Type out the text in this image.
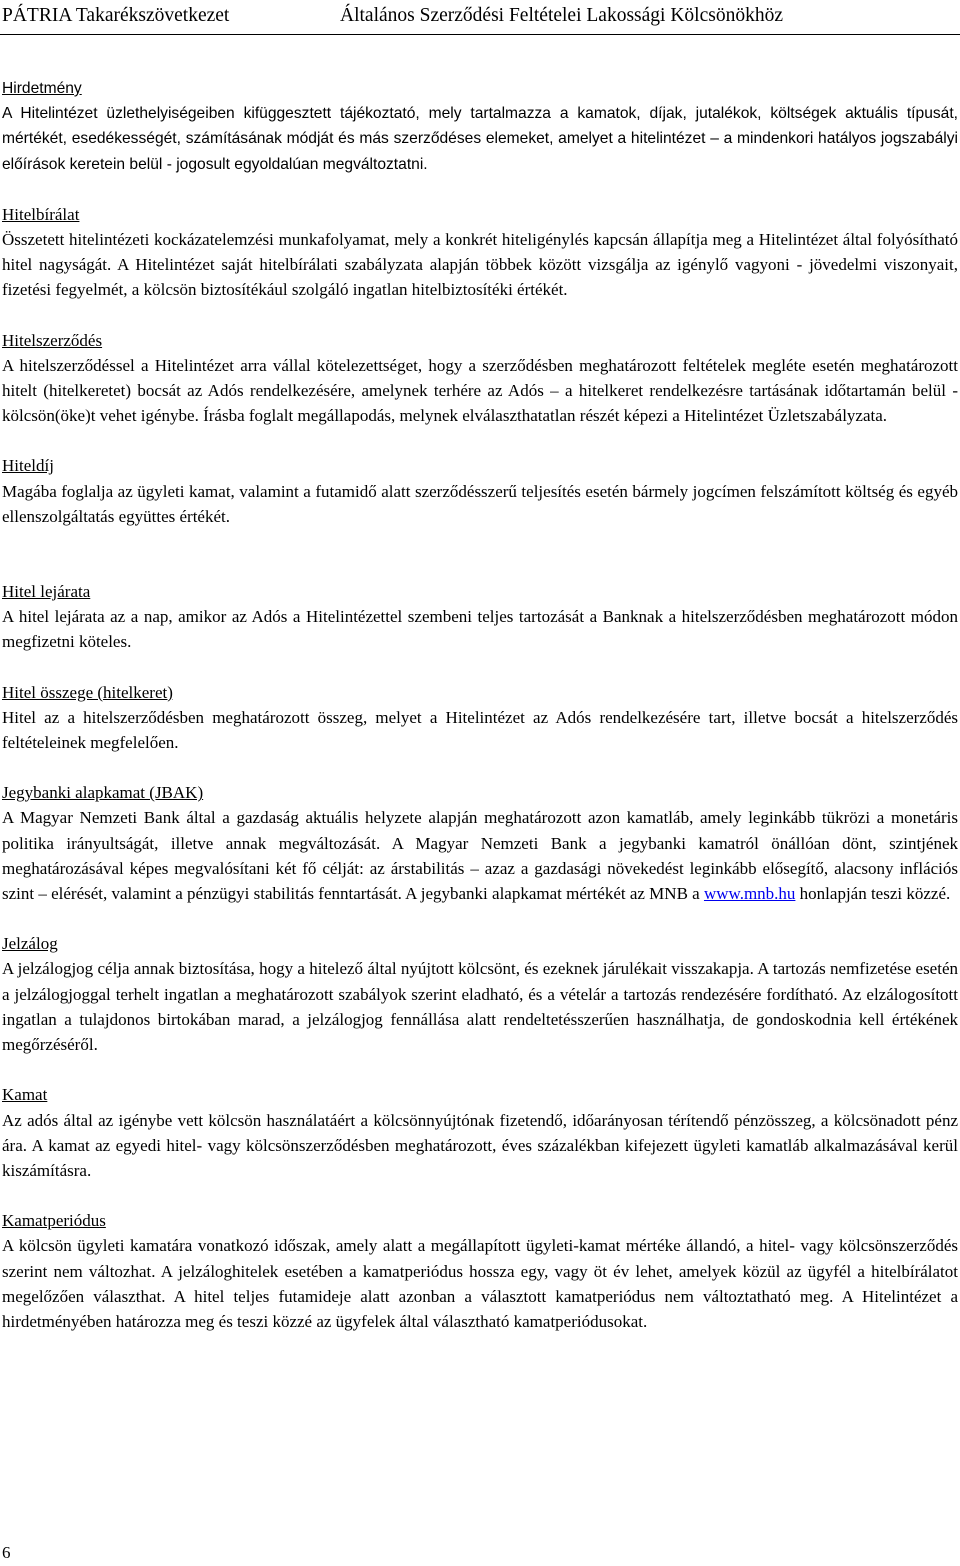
PÁTRIA Takarékszövetkezet	Általános Szerződési Feltételei Lakossági Kölcsönökhöz
Hirdetmény

A Hitelintézet üzlethelyiségeiben kifüggesztett tájékoztató, mely tartalmazza a kamatok, díjak, jutalékok, költségek aktuális típusát, mértékét, esedékességét, számításának módját és más szerződéses elemeket, amelyet a hitelintézet – a mindenkori hatályos jogszabályi előírások keretein belül - jogosult egyoldalúan megváltoztatni.

Hitelbírálat

Összetett hitelintézeti kockázatelemzési munkafolyamat, mely a konkrét hiteligénylés kapcsán állapítja meg a Hitelintézet által folyósítható hitel nagyságát. A Hitelintézet saját hitelbírálati szabályzata alapján többek között vizsgálja az igénylő vagyoni - jövedelmi viszonyait, fizetési fegyelmét, a kölcsön biztosítékául szolgáló ingatlan hitelbiztosítéki értékét.

Hitelszerződés

A hitelszerződéssel a Hitelintézet arra vállal kötelezettséget, hogy a szerződésben meghatározott feltételek megléte esetén meghatározott hitelt (hitelkeretet) bocsát az Adós rendelkezésére, amelynek terhére az Adós – a hitelkeret rendelkezésre tartásának időtartamán belül - kölcsön(öke)t vehet igénybe. Írásba foglalt megállapodás, melynek elválaszthatatlan részét képezi a Hitelintézet Üzletszabályzata.

Hiteldíj

Magába foglalja az ügyleti kamat, valamint a futamidő alatt szerződésszerű teljesítés esetén bármely jogcímen felszámított költség és egyéb ellenszolgáltatás együttes értékét.

Hitel lejárata

A hitel lejárata az a nap, amikor az Adós a Hitelintézettel szembeni teljes tartozását a Banknak a hitelszerződésben meghatározott módon megfizetni köteles.

Hitel összege (hitelkeret)

Hitel az a hitelszerződésben meghatározott összeg, melyet a Hitelintézet az Adós rendelkezésére tart, illetve bocsát a hitelszerződés feltételeinek megfelelően.

Jegybanki alapkamat (JBAK)

A Magyar Nemzeti Bank által a gazdaság aktuális helyzete alapján meghatározott azon kamatláb, amely leginkább tükrözi a monetáris politika irányultságát, illetve annak megváltozását. A Magyar Nemzeti Bank a jegybanki kamatról önállóan dönt, szintjének meghatározásával képes megvalósítani két fő célját: az árstabilitás – azaz a gazdasági növekedést leginkább elősegítő, alacsony inflációs szint – elérését, valamint a pénzügyi stabilitás fenntartását. A jegybanki alapkamat mértékét az MNB a www.mnb.hu honlapján teszi közzé.

Jelzálog

A jelzálogjog célja annak biztosítása, hogy a hitelező által nyújtott kölcsönt, és ezeknek járulékait visszakapja. A tartozás nemfizetése esetén a jelzálogjoggal terhelt ingatlan a meghatározott szabályok szerint eladható, és a vételár a tartozás rendezésére fordítható. Az elzálogosított ingatlan a tulajdonos birtokában marad, a jelzálogjog fennállása alatt rendeltetésszerűen használhatja, de gondoskodnia kell értékének megőrzéséről.

Kamat

Az adós által az igénybe vett kölcsön használatáért a kölcsönnyújtónak fizetendő, időarányosan térítendő pénzösszeg, a kölcsönadott pénz ára. A kamat az egyedi hitel- vagy kölcsönszerződésben meghatározott, éves százalékban kifejezett ügyleti kamatláb alkalmazásával kerül kiszámításra.

Kamatperiódus

A kölcsön ügyleti kamatára vonatkozó időszak, amely alatt a megállapított ügyleti-kamat mértéke állandó, a hitel- vagy kölcsönszerződés szerint nem változhat. A jelzáloghitelek esetében a kamatperiódus hossza egy, vagy öt év lehet, amelyek közül az ügyfél a hitelbírálatot megelőzően választhat. A hitel teljes futamideje alatt azonban a választott kamatperiódus nem változtatható meg. A Hitelintézet a hirdetményében határozza meg és teszi közzé az ügyfelek által választható kamatperiódusokat.

6
